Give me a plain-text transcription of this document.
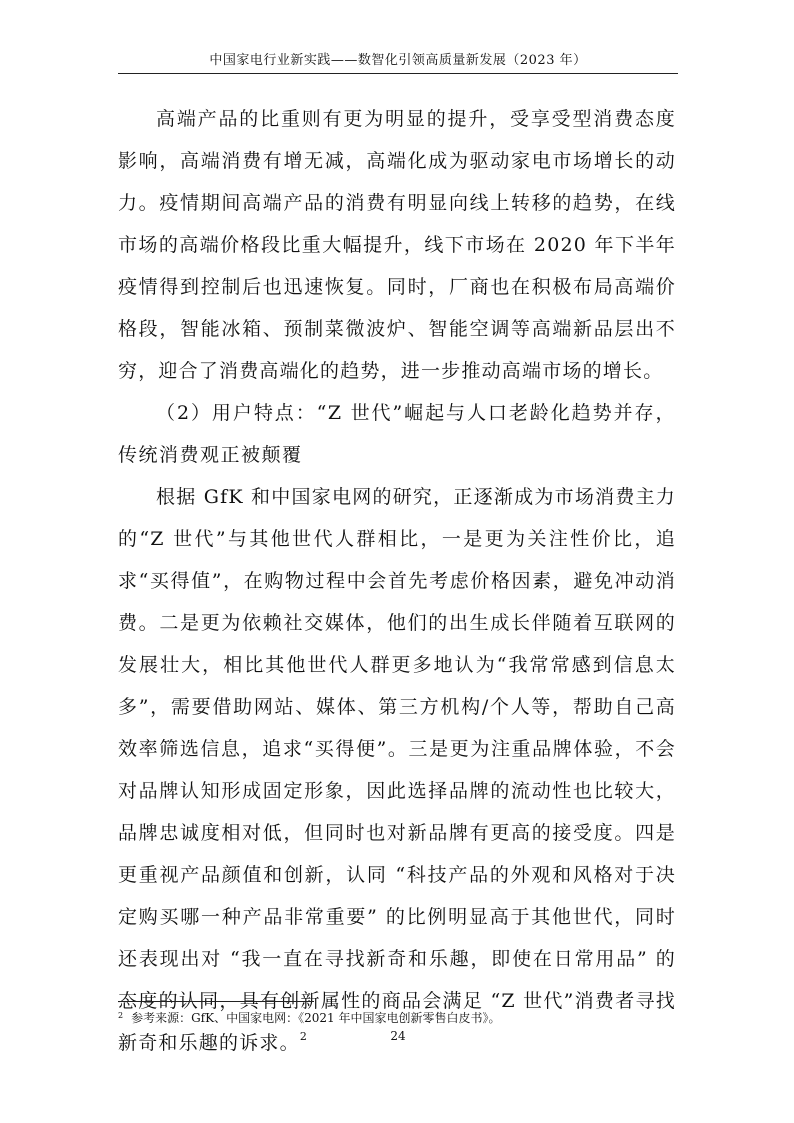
中国家电行业新实践——数智化引领高质量新发展（2023 年）

高端产品的比重则有更为明显的提升，受享受型消费态度影响，高端消费有增无减，高端化成为驱动家电市场增长的动力。疫情期间高端产品的消费有明显向线上转移的趋势，在线市场的高端价格段比重大幅提升，线下市场在 2020 年下半年疫情得到控制后也迅速恢复。同时，厂商也在积极布局高端价格段，智能冰箱、预制菜微波炉、智能空调等高端新品层出不穷，迎合了消费高端化的趋势，进一步推动高端市场的增长。

（2）用户特点：“Z 世代”崛起与人口老龄化趋势并存，传统消费观正被颠覆

根据 GfK 和中国家电网的研究，正逐渐成为市场消费主力的“Z 世代”与其他世代人群相比，一是更为关注性价比，追求“买得值”，在购物过程中会首先考虑价格因素，避免冲动消费。二是更为依赖社交媒体，他们的出生成长伴随着互联网的发展壮大，相比其他世代人群更多地认为“我常常感到信息太多”，需要借助网站、媒体、第三方机构/个人等，帮助自己高效率筛选信息，追求“买得便”。三是更为注重品牌体验，不会对品牌认知形成固定形象，因此选择品牌的流动性也比较大，品牌忠诚度相对低，但同时也对新品牌有更高的接受度。四是更重视产品颜值和创新，认同 “科技产品的外观和风格对于决定购买哪一种产品非常重要” 的比例明显高于其他世代，同时还表现出对 “我一直在寻找新奇和乐趣，即使在日常用品” 的态度的认同，具有创新属性的商品会满足 “Z 世代”消费者寻找新奇和乐趣的诉求。$^2$

$^2$ 参考来源：GfK、中国家电网：《2021 年中国家电创新零售白皮书》。
24
